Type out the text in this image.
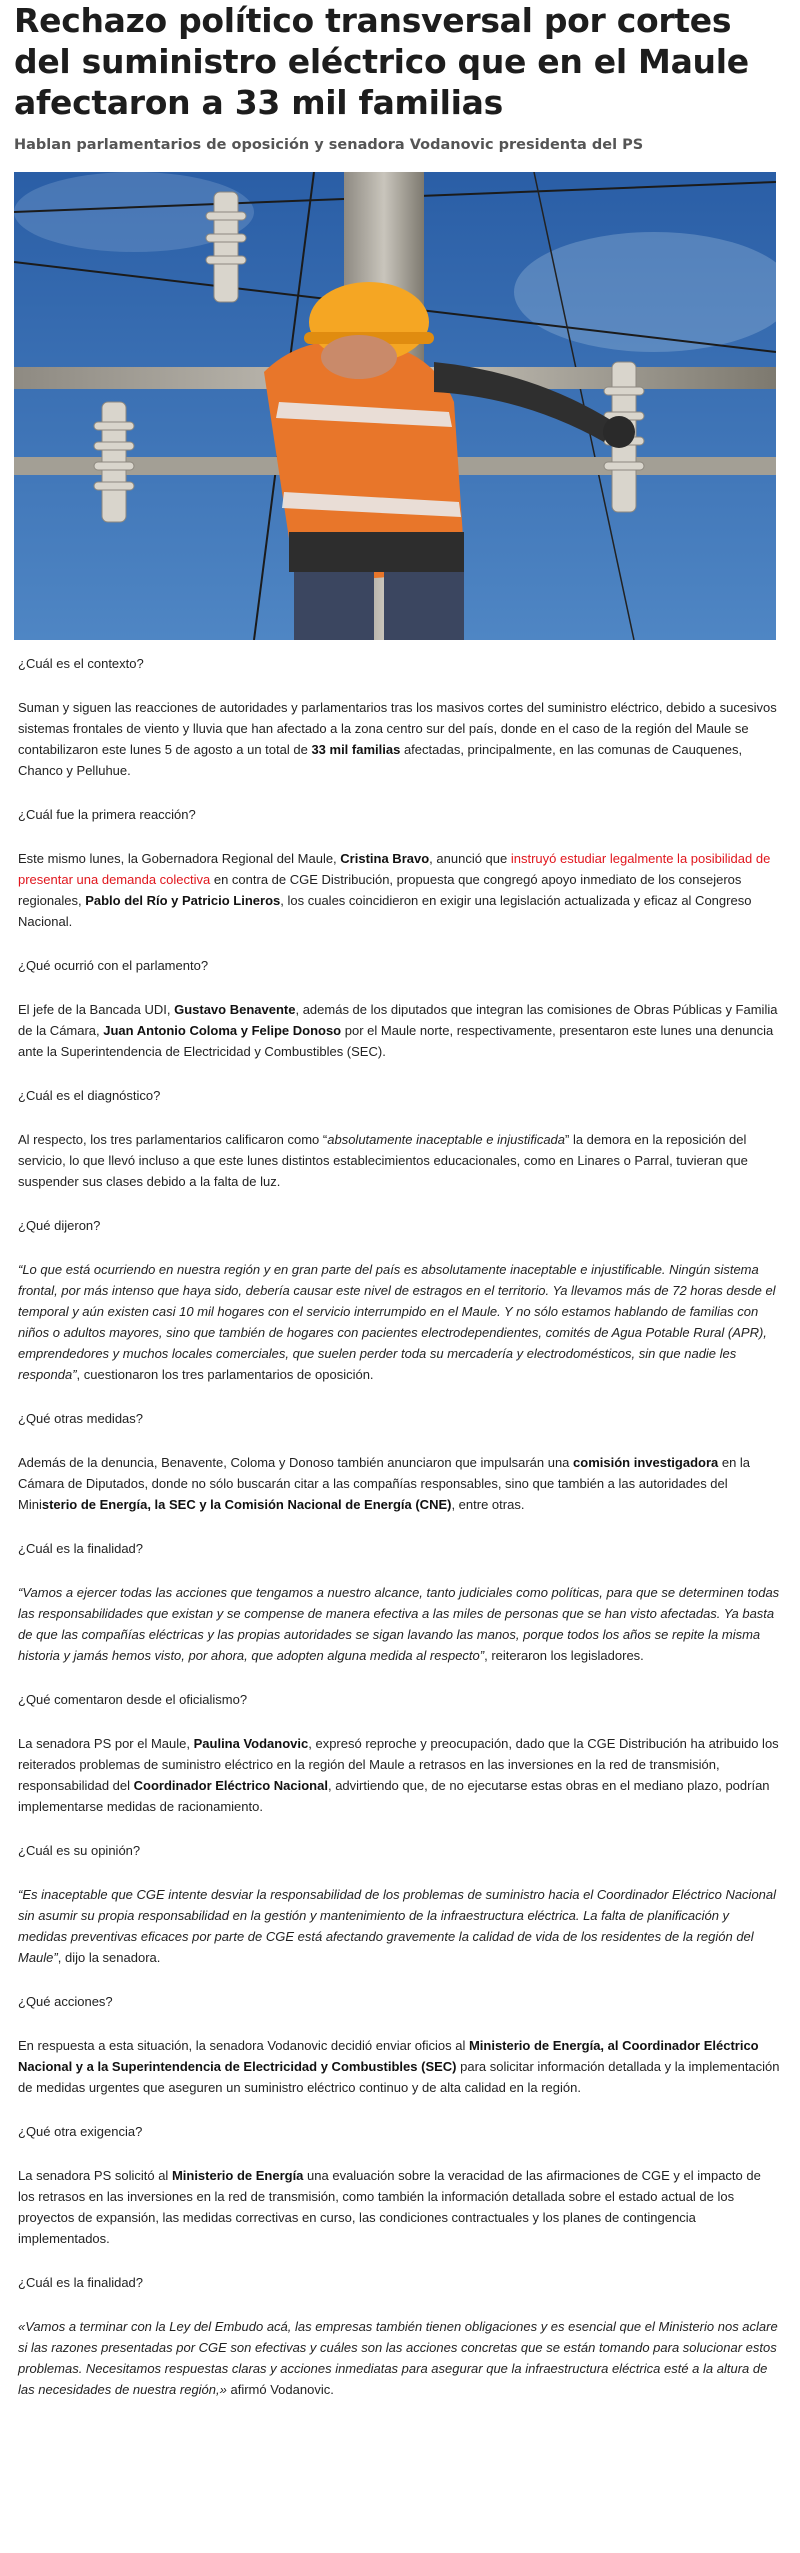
Rechazo político transversal por cortes del suministro eléctrico que en el Maule afectaron a 33 mil familias
Hablan parlamentarios de oposición y senadora Vodanovic presidenta del PS

¿Cuál es el contexto?

Suman y siguen las reacciones de autoridades y parlamentarios tras los masivos cortes del suministro eléctrico, debido a sucesivos sistemas frontales de viento y lluvia que han afectado a la zona centro sur del país, donde en el caso de la región del Maule se contabilizaron este lunes 5 de agosto a un total de 33 mil familias afectadas, principalmente, en las comunas de Cauquenes, Chanco y Pelluhue.

¿Cuál fue la primera reacción?

Este mismo lunes, la Gobernadora Regional del Maule, Cristina Bravo, anunció que instruyó estudiar legalmente la posibilidad de presentar una demanda colectiva en contra de CGE Distribución, propuesta que congregó apoyo inmediato de los consejeros regionales, Pablo del Río y Patricio Lineros, los cuales coincidieron en exigir una legislación actualizada y eficaz al Congreso Nacional.

¿Qué ocurrió con el parlamento?

El jefe de la Bancada UDI, Gustavo Benavente, además de los diputados que integran las comisiones de Obras Públicas y Familia de la Cámara, Juan Antonio Coloma y Felipe Donoso por el Maule norte, respectivamente, presentaron este lunes una denuncia ante la Superintendencia de Electricidad y Combustibles (SEC).

¿Cuál es el diagnóstico?

Al respecto, los tres parlamentarios calificaron como “absolutamente inaceptable e injustificada” la demora en la reposición del servicio, lo que llevó incluso a que este lunes distintos establecimientos educacionales, como en Linares o Parral, tuvieran que suspender sus clases debido a la falta de luz.

¿Qué dijeron?

“Lo que está ocurriendo en nuestra región y en gran parte del país es absolutamente inaceptable e injustificable. Ningún sistema frontal, por más intenso que haya sido, debería causar este nivel de estragos en el territorio. Ya llevamos más de 72 horas desde el temporal y aún existen casi 10 mil hogares con el servicio interrumpido en el Maule. Y no sólo estamos hablando de familias con niños o adultos mayores, sino que también de hogares con pacientes electrodependientes, comités de Agua Potable Rural (APR), emprendedores y muchos locales comerciales, que suelen perder toda su mercadería y electrodomésticos, sin que nadie les responda”, cuestionaron los tres parlamentarios de oposición.

¿Qué otras medidas?

Además de la denuncia, Benavente, Coloma y Donoso también anunciaron que impulsarán una comisión investigadora en la Cámara de Diputados, donde no sólo buscarán citar a las compañías responsables, sino que también a las autoridades del Ministerio de Energía, la SEC y la Comisión Nacional de Energía (CNE), entre otras.

¿Cuál es la finalidad?

“Vamos a ejercer todas las acciones que tengamos a nuestro alcance, tanto judiciales como políticas, para que se determinen todas las responsabilidades que existan y se compense de manera efectiva a las miles de personas que se han visto afectadas. Ya basta de que las compañías eléctricas y las propias autoridades se sigan lavando las manos, porque todos los años se repite la misma historia y jamás hemos visto, por ahora, que adopten alguna medida al respecto”, reiteraron los legisladores.

¿Qué comentaron desde el oficialismo?

La senadora PS por el Maule, Paulina Vodanovic, expresó reproche y preocupación, dado que la CGE Distribución ha atribuido los reiterados problemas de suministro eléctrico en la región del Maule a retrasos en las inversiones en la red de transmisión, responsabilidad del Coordinador Eléctrico Nacional, advirtiendo que, de no ejecutarse estas obras en el mediano plazo, podrían implementarse medidas de racionamiento.

¿Cuál es su opinión?

“Es inaceptable que CGE intente desviar la responsabilidad de los problemas de suministro hacia el Coordinador Eléctrico Nacional sin asumir su propia responsabilidad en la gestión y mantenimiento de la infraestructura eléctrica. La falta de planificación y medidas preventivas eficaces por parte de CGE está afectando gravemente la calidad de vida de los residentes de la región del Maule”, dijo la senadora.

¿Qué acciones?

En respuesta a esta situación, la senadora Vodanovic decidió enviar oficios al Ministerio de Energía, al Coordinador Eléctrico Nacional y a la Superintendencia de Electricidad y Combustibles (SEC) para solicitar información detallada y la implementación de medidas urgentes que aseguren un suministro eléctrico continuo y de alta calidad en la región.

¿Qué otra exigencia?

La senadora PS solicitó al Ministerio de Energía una evaluación sobre la veracidad de las afirmaciones de CGE y el impacto de los retrasos en las inversiones en la red de transmisión, como también la información detallada sobre el estado actual de los proyectos de expansión, las medidas correctivas en curso, las condiciones contractuales y los planes de contingencia implementados.

¿Cuál es la finalidad?

«Vamos a terminar con la Ley del Embudo acá, las empresas también tienen obligaciones y es esencial que el Ministerio nos aclare si las razones presentadas por CGE son efectivas y cuáles son las acciones concretas que se están tomando para solucionar estos problemas. Necesitamos respuestas claras y acciones inmediatas para asegurar que la infraestructura eléctrica esté a la altura de las necesidades de nuestra región,» afirmó Vodanovic.
